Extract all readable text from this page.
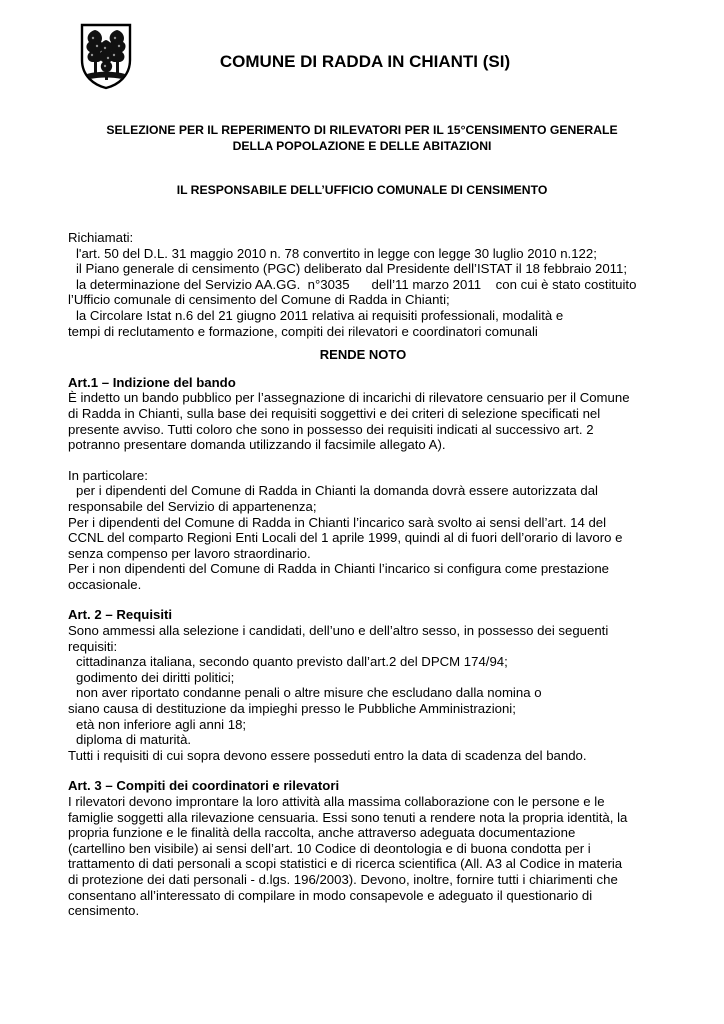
COMUNE DI RADDA IN CHIANTI (SI)
SELEZIONE PER IL REPERIMENTO DI RILEVATORI PER IL 15°CENSIMENTO GENERALE
DELLA POPOLAZIONE E DELLE ABITAZIONI
IL RESPONSABILE DELL’UFFICIO COMUNALE DI CENSIMENTO
Richiamati:
l'art. 50 del D.L. 31 maggio 2010 n. 78 convertito in legge con legge 30 luglio 2010 n.122;
il Piano generale di censimento (PGC) deliberato dal Presidente dell’ISTAT il 18 febbraio 2011;
la determinazione del Servizio AA.GG.  n°3035      dell’11 marzo 2011    con cui è stato costituito
l’Ufficio comunale di censimento del Comune di Radda in Chianti;
la Circolare Istat n.6 del 21 giugno 2011 relativa ai requisiti professionali, modalità e
tempi di reclutamento e formazione, compiti dei rilevatori e coordinatori comunali
RENDE NOTO
Art.1 – Indizione del bando
È indetto un bando pubblico per l’assegnazione di incarichi di rilevatore censuario per il Comune
di Radda in Chianti, sulla base dei requisiti soggettivi e dei criteri di selezione specificati nel
presente avviso. Tutti coloro che sono in possesso dei requisiti indicati al successivo art. 2
potranno presentare domanda utilizzando il facsimile allegato A).
In particolare:
per i dipendenti del Comune di Radda in Chianti la domanda dovrà essere autorizzata dal
responsabile del Servizio di appartenenza;
Per i dipendenti del Comune di Radda in Chianti l’incarico sarà svolto ai sensi dell’art. 14 del
CCNL del comparto Regioni Enti Locali del 1 aprile 1999, quindi al di fuori dell’orario di lavoro e
senza compenso per lavoro straordinario.
Per i non dipendenti del Comune di Radda in Chianti l’incarico si configura come prestazione
occasionale.
Art. 2 – Requisiti
Sono ammessi alla selezione i candidati, dell’uno e dell’altro sesso, in possesso dei seguenti
requisiti:
cittadinanza italiana, secondo quanto previsto dall’art.2 del DPCM 174/94;
godimento dei diritti politici;
non aver riportato condanne penali o altre misure che escludano dalla nomina o
siano causa di destituzione da impieghi presso le Pubbliche Amministrazioni;
età non inferiore agli anni 18;
diploma di maturità.
Tutti i requisiti di cui sopra devono essere posseduti entro la data di scadenza del bando.
Art. 3 – Compiti dei coordinatori e rilevatori
I rilevatori devono improntare la loro attività alla massima collaborazione con le persone e le
famiglie soggetti alla rilevazione censuaria. Essi sono tenuti a rendere nota la propria identità, la
propria funzione e le finalità della raccolta, anche attraverso adeguata documentazione
(cartellino ben visibile) ai sensi dell’art. 10 Codice di deontologia e di buona condotta per i
trattamento di dati personali a scopi statistici e di ricerca scientifica (All. A3 al Codice in materia
di protezione dei dati personali - d.lgs. 196/2003). Devono, inoltre, fornire tutti i chiarimenti che
consentano all’interessato di compilare in modo consapevole e adeguato il questionario di
censimento.
